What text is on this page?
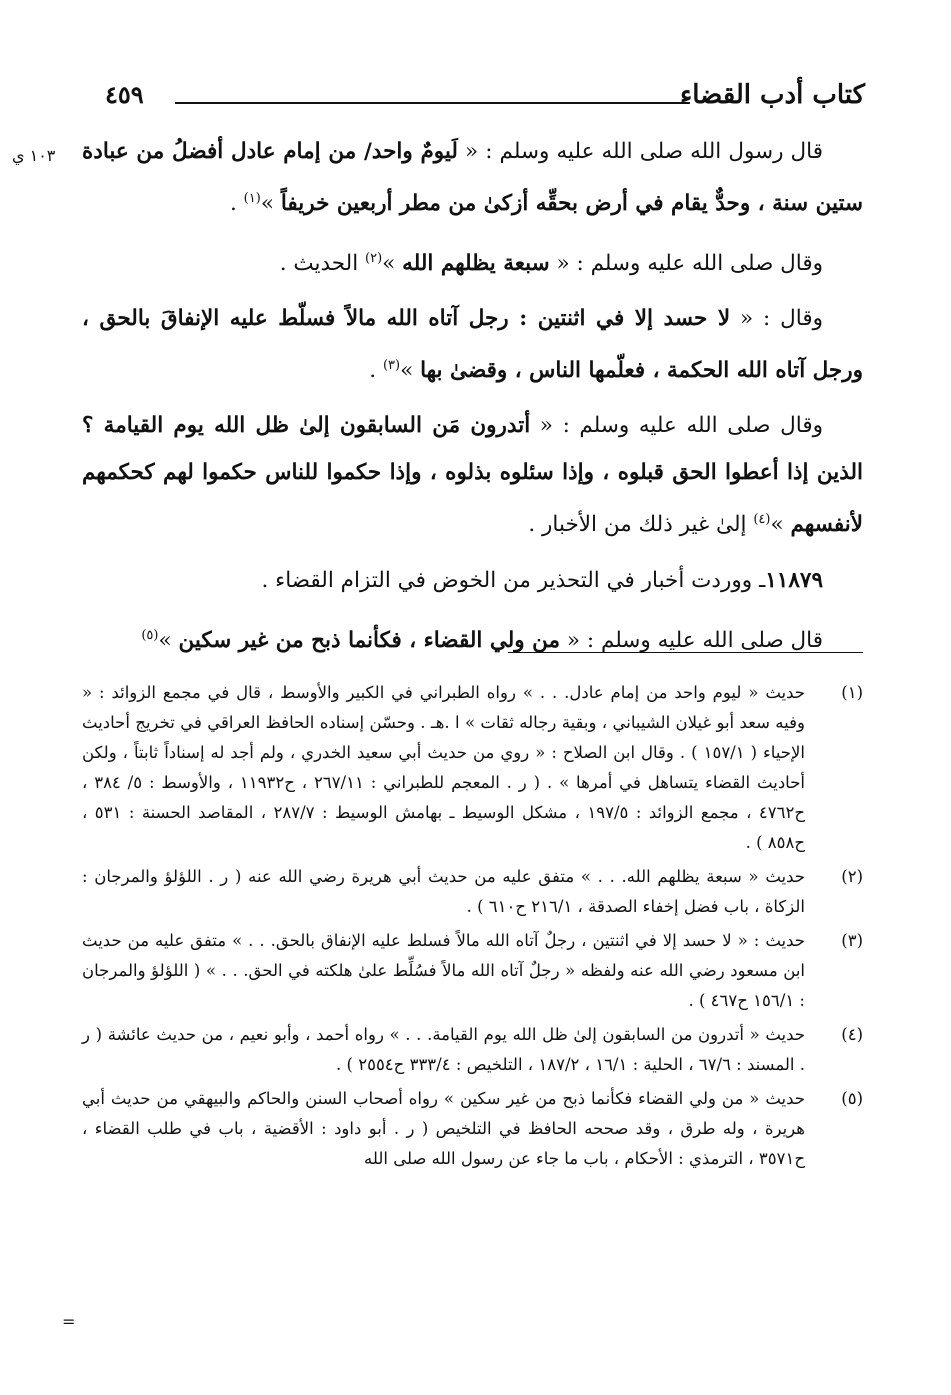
كتاب أدب القضاء
٤٥٩
١٠٣ ي	قال رسول الله صلى الله عليه وسلم : « لَيومٌ واحد/ من إمام عادل أفضلُ من عبادة ستين سنة ، وحدٌّ يقام في أرض بحقِّه أزكىٰ من مطر أربعين خريفاً »$^{(١)}$ .

وقال صلى الله عليه وسلم : « سبعة يظلهم الله »$^{(٢)}$ الحديث .

وقال : « لا حسد إلا في اثنتين : رجل آتاه الله مالاً فسلّط عليه الإنفاقَ بالحق ، ورجل آتاه الله الحكمة ، فعلّمها الناس ، وقضىٰ بها »$^{(٣)}$ .

وقال صلى الله عليه وسلم : « أتدرون مَن السابقون إلىٰ ظل الله يوم القيامة ؟ الذين إذا أعطوا الحق قبلوه ، وإذا سئلوه بذلوه ، وإذا حكموا للناس حكموا لهم كحكمهم لأنفسهم »$^{(٤)}$ إلىٰ غير ذلك من الأخبار .

١١٨٧٩ـ ووردت أخبار في التحذير من الخوض في التزام القضاء .

قال صلى الله عليه وسلم : « من ولي القضاء ، فكأنما ذبح من غير سكين »$^{(٥)}$

(١)

حديث « ليوم واحد من إمام عادل. . . » رواه الطبراني في الكبير والأوسط ، قال في مجمع الزوائد : « وفيه سعد أبو غيلان الشيباني ، وبقية رجاله ثقات » ا .هـ . وحسّن إسناده الحافظ العراقي في تخريج أحاديث الإحياء ( ١٥٧/١ ) . وقال ابن الصلاح : « روي من حديث أبي سعيد الخدري ، ولم أجد له إسناداً ثابتاً ، ولكن أحاديث القضاء يتساهل في أمرها » . ( ر . المعجم للطبراني : ٢٦٧/١١ ، ح١١٩٣٢ ، والأوسط : ٥/ ٣٨٤ ، ح٤٧٦٢ ، مجمع الزوائد : ١٩٧/٥ ، مشكل الوسيط ـ بهامش الوسيط : ٢٨٧/٧ ، المقاصد الحسنة : ٥٣١ ، ح٨٥٨ ) .

(٢)

حديث « سبعة يظلهم الله. . . » متفق عليه من حديث أبي هريرة رضي الله عنه ( ر . اللؤلؤ والمرجان : الزكاة ، باب فضل إخفاء الصدقة ، ٢١٦/١ ح٦١٠ ) .

(٣)

حديث : « لا حسد إلا في اثنتين ، رجلٌ آتاه الله مالاً فسلط عليه الإنفاق بالحق. . . » متفق عليه من حديث ابن مسعود رضي الله عنه ولفظه « رجلٌ آتاه الله مالاً فسُلِّط علىٰ هلكته في الحق. . . » ( اللؤلؤ والمرجان : ١٥٦/١ ح٤٦٧ ) .

(٤)

حديث « أتدرون من السابقون إلىٰ ظل الله يوم القيامة. . . » رواه أحمد ، وأبو نعيم ، من حديث عائشة ( ر . المسند : ٦٧/٦ ، الحلية : ١٦/١ ، ١٨٧/٢ ، التلخيص : ٣٣٣/٤ ح٢٥٥٤ ) .

(٥)

حديث « من ولي القضاء فكأنما ذبح من غير سكين » رواه أصحاب السنن والحاكم والبيهقي من حديث أبي هريرة ، وله طرق ، وقد صححه الحافظ في التلخيص ( ر . أبو داود : الأقضية ، باب في طلب القضاء ، ح٣٥٧١ ، الترمذي : الأحكام ، باب ما جاء عن رسول الله صلى الله

=
